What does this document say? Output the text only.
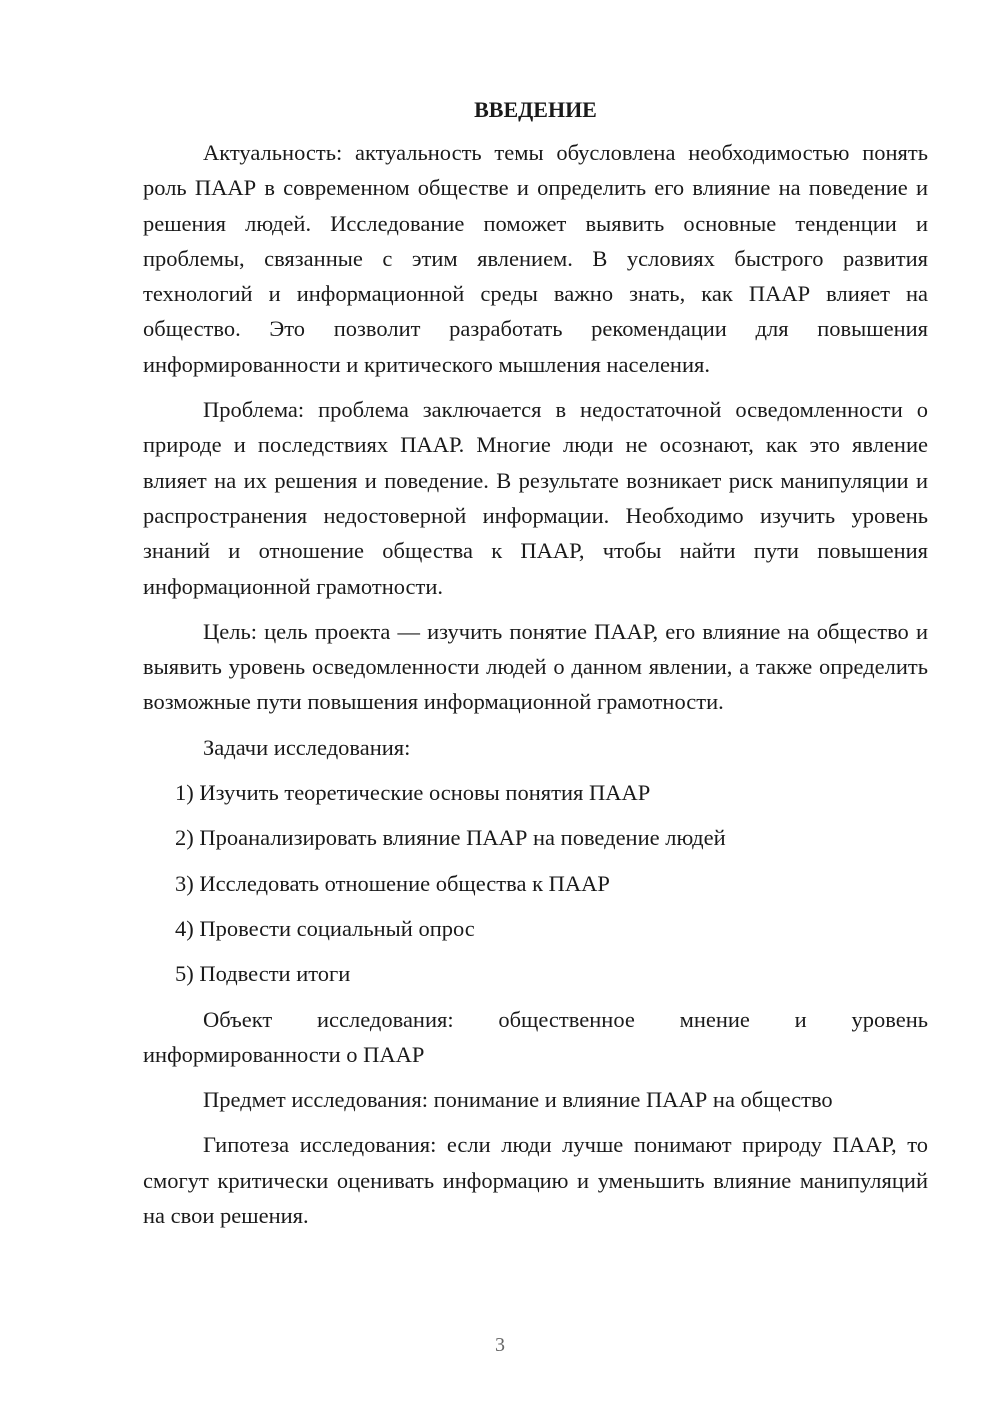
ВВЕДЕНИЕ

Актуальность: актуальность темы обусловлена необходимостью понять роль ПААР в современном обществе и определить его влияние на поведение и решения людей. Исследование поможет выявить основные тенденции и проблемы, связанные с этим явлением. В условиях быстрого развития технологий и информационной среды важно знать, как ПААР влияет на общество. Это позволит разработать рекомендации для повышения информированности и критического мышления населения.

Проблема: проблема заключается в недостаточной осведомленности о природе и последствиях ПААР. Многие люди не осознают, как это явление влияет на их решения и поведение. В результате возникает риск манипуляции и распространения недостоверной информации. Необходимо изучить уровень знаний и отношение общества к ПААР, чтобы найти пути повышения информационной грамотности.

Цель: цель проекта — изучить понятие ПААР, его влияние на общество и выявить уровень осведомленности людей о данном явлении, а также определить возможные пути повышения информационной грамотности.

Задачи исследования:

1) Изучить теоретические основы понятия ПААР
2) Проанализировать влияние ПААР на поведение людей
3) Исследовать отношение общества к ПААР
4) Провести социальный опрос
5) Подвести итоги

Объект исследования: общественное мнение и уровень информированности о ПААР

Предмет исследования: понимание и влияние ПААР на общество

Гипотеза исследования: если люди лучше понимают природу ПААР, то смогут критически оценивать информацию и уменьшить влияние манипуляций на свои решения.

3
